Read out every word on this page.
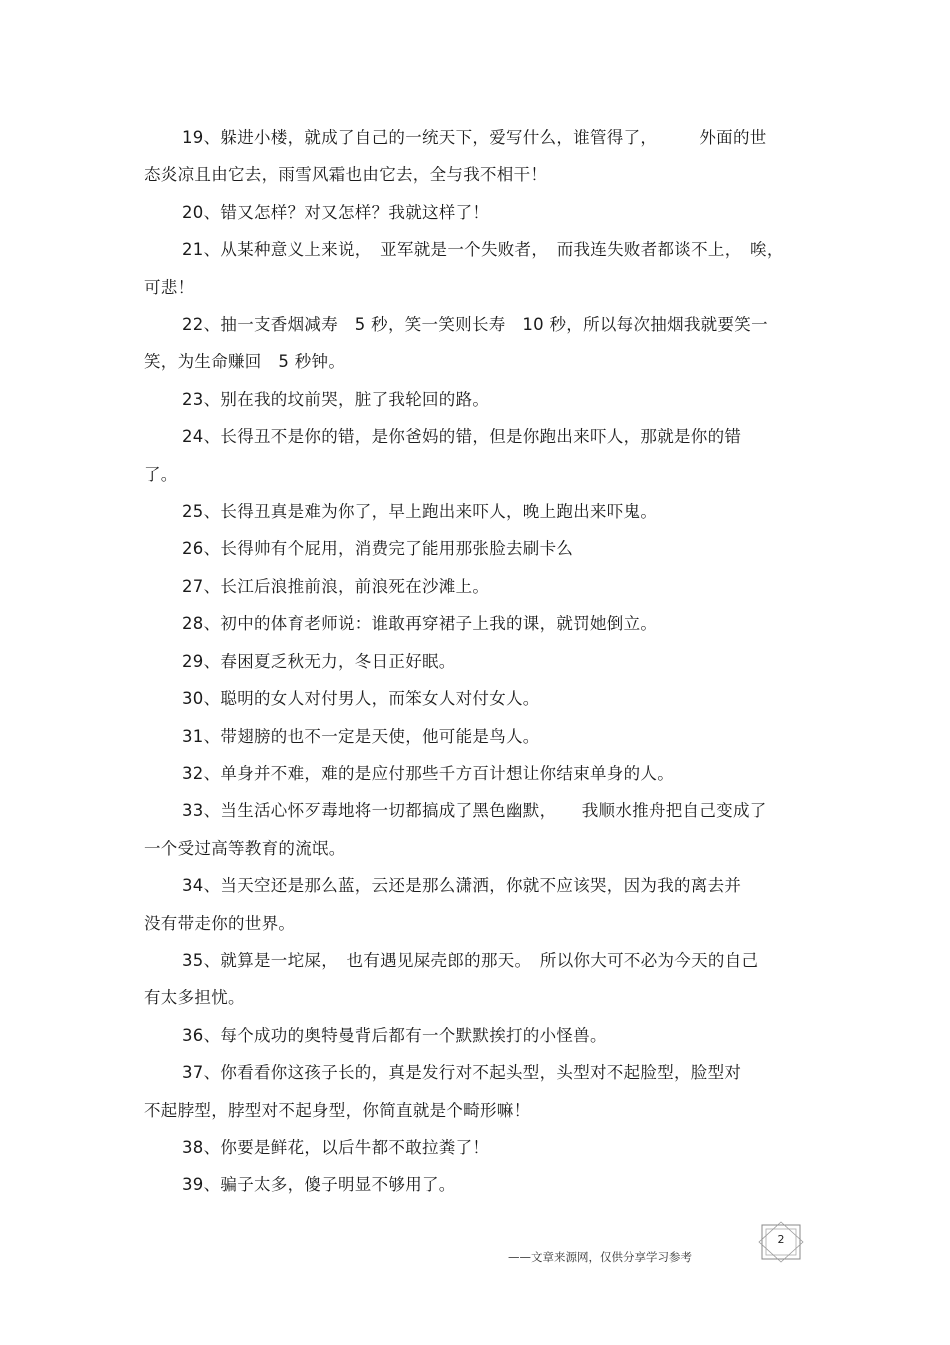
19、躲进小楼，就成了自己的一统天下，爱写什么，谁管得了，　　　外面的世

态炎凉且由它去，雨雪风霜也由它去，全与我不相干！

20、错又怎样？对又怎样？我就这样了！

21、从某种意义上来说，　亚军就是一个失败者，　而我连失败者都谈不上，　唉，

可悲！

22、抽一支香烟减寿　5 秒，笑一笑则长寿　10 秒，所以每次抽烟我就要笑一

笑，为生命赚回　5 秒钟。

23、别在我的坟前哭，脏了我轮回的路。

24、长得丑不是你的错，是你爸妈的错，但是你跑出来吓人，那就是你的错

了。

25、长得丑真是难为你了，早上跑出来吓人，晚上跑出来吓鬼。

26、长得帅有个屁用，消费完了能用那张脸去刷卡么

27、长江后浪推前浪，前浪死在沙滩上。

28、初中的体育老师说：谁敢再穿裙子上我的课，就罚她倒立。

29、春困夏乏秋无力，冬日正好眠。

30、聪明的女人对付男人，而笨女人对付女人。

31、带翅膀的也不一定是天使，他可能是鸟人。

32、单身并不难，难的是应付那些千方百计想让你结束单身的人。

33、当生活心怀歹毒地将一切都搞成了黑色幽默，　　我顺水推舟把自己变成了

一个受过高等教育的流氓。

34、当天空还是那么蓝，云还是那么潇洒，你就不应该哭，因为我的离去并

没有带走你的世界。

35、就算是一坨屎，　也有遇见屎壳郎的那天。　所以你大可不必为今天的自己

有太多担忧。

36、每个成功的奥特曼背后都有一个默默挨打的小怪兽。

37、你看看你这孩子长的，真是发行对不起头型，头型对不起脸型，脸型对

不起脖型，脖型对不起身型，你简直就是个畸形嘛！

38、你要是鲜花，以后牛都不敢拉粪了！

39、骗子太多，傻子明显不够用了。

——文章来源网，仅供分享学习参考
2
